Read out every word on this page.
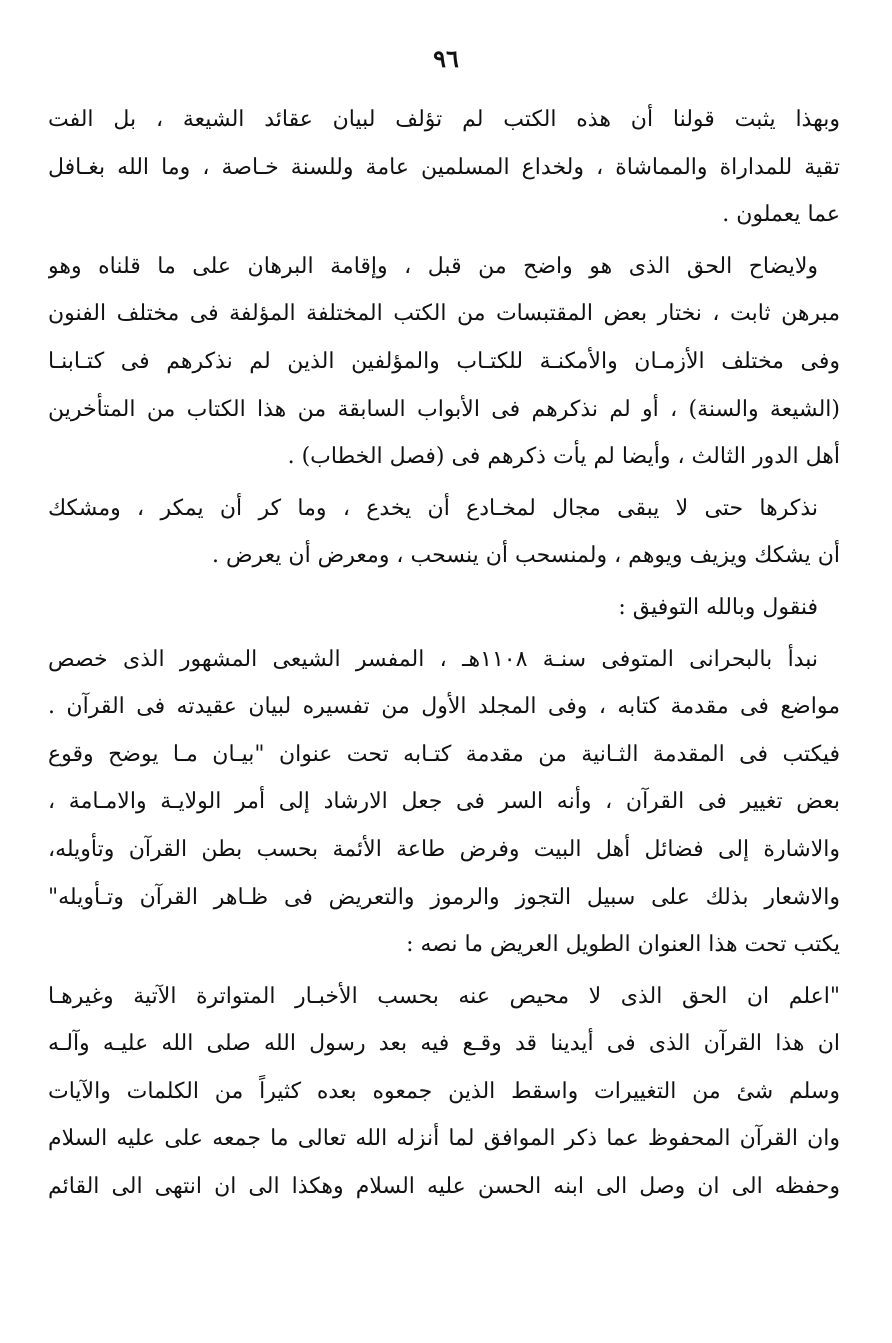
٩٦
وبهذا يثبت قولنا أن هذه الكتب لم تؤلف لبيان عقائد الشيعة ، بل الفت
تقية للمداراة والمماشاة ، ولخداع المسلمين عامة وللسنة خـاصة ، وما الله بغـافل
عما يعملون .
ولايضاح الحق الذى هو واضح من قبل ، وإقامة البرهان على ما قلناه وهو
مبرهن ثابت ، نختار بعض المقتبسات من الكتب المختلفة المؤلفة فى مختلف الفنون
وفى مختلف الأزمـان والأمكنـة للكتـاب والمؤلفين الذين لم نذكرهم فى كتـابنـا
(الشيعة والسنة) ، أو لم نذكرهم فى الأبواب السابقة من هذا الكتاب من المتأخرين
أهل الدور الثالث ، وأيضا لم يأت ذكرهم فى (فصل الخطاب) .
نذكرها حتى لا يبقى مجال لمخـادع أن يخدع ، وما كر أن يمكر ، ومشكك
أن يشكك ويزيف ويوهم ، ولمنسحب أن ينسحب ، ومعرض أن يعرض .
فنقول وبالله التوفيق :
نبدأ بالبحرانى المتوفى سنـة ١١٠٨هـ ، المفسر الشيعى المشهور الذى خصص
مواضع فى مقدمة كتابه ، وفى المجلد الأول من تفسيره لبيان عقيدته فى القرآن .
فيكتب فى المقدمة الثـانية من مقدمة كتـابه تحت عنوان "بيـان مـا يوضح وقوع
بعض تغيير فى القرآن ، وأنه السر فى جعل الارشاد إلى أمر الولايـة والامـامة ،
والاشارة إلى فضائل أهل البيت وفرض طاعة الأئمة بحسب بطن القرآن وتأويله،
والاشعار بذلك على سبيل التجوز والرموز والتعريض فى ظـاهر القرآن وتـأويله"
يكتب تحت هذا العنوان الطويل العريض ما نصه :
"اعلم ان الحق الذى لا محيص عنه بحسب الأخبـار المتواترة الآتية وغيرهـا
ان هذا القرآن الذى فى أيدينا قد وقـع فيه بعد رسول الله صلى الله عليـه وآلـه
وسلم شئ من التغييرات واسقط الذين جمعوه بعده كثيراً من الكلمات والآيات
وان القرآن المحفوظ عما ذكر الموافق لما أنزله الله تعالى ما جمعه على عليه السلام
وحفظه الى ان وصل الى ابنه الحسن عليه السلام وهكذا الى ان انتهى الى القائم
